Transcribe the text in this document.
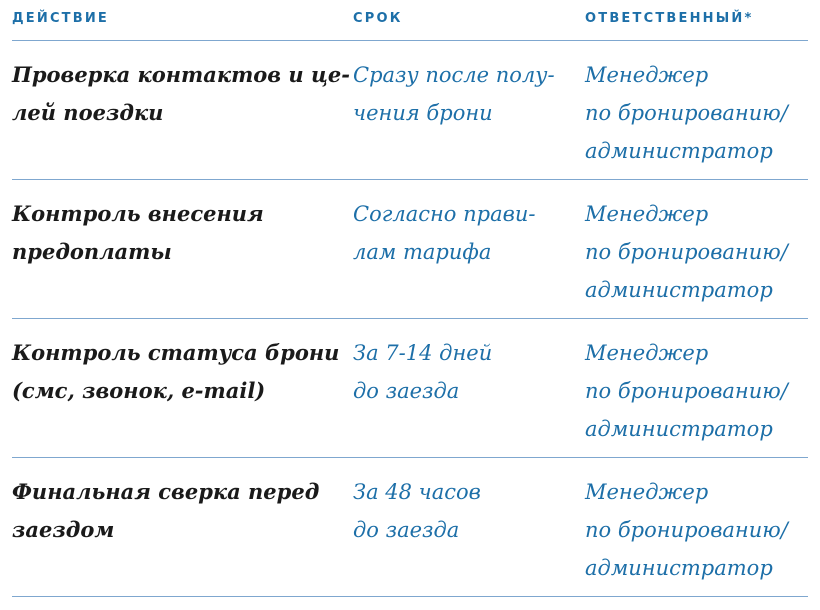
ДЕЙСТВИЕ	СРОК	ОТВЕТСТВЕННЫЙ*
Проверка контактов и це-
лей поездки
Сразу после полу-
чения брони
Менеджер
по бронированию/
администратор
Контроль внесения
предоплаты
Согласно прави-
лам тарифа
Менеджер
по бронированию/
администратор
Контроль статуса брони
(смс, звонок, e-mail)
За 7-14 дней
до заезда
Менеджер
по бронированию/
администратор
Финальная сверка перед
заездом
За 48 часов
до заезда
Менеджер
по бронированию/
администратор
